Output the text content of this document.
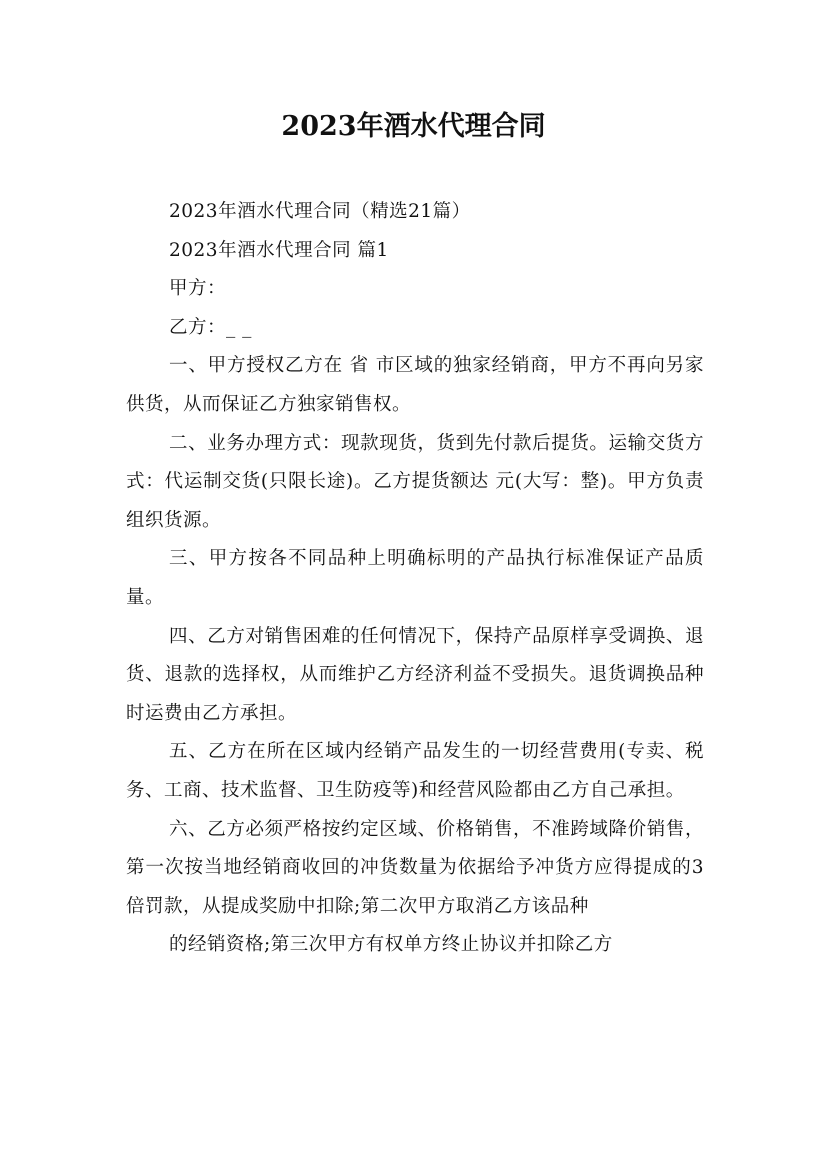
2023年酒水代理合同

2023年酒水代理合同（精选21篇）

2023年酒水代理合同 篇1

甲方：

乙方：_ _

一、甲方授权乙方在 省 市区域的独家经销商，甲方不再向另家供货，从而保证乙方独家销售权。

二、业务办理方式：现款现货，货到先付款后提货。运输交货方式：代运制交货(只限长途)。乙方提货额达 元(大写：整)。甲方负责组织货源。

三、甲方按各不同品种上明确标明的产品执行标准保证产品质量。

四、乙方对销售困难的任何情况下，保持产品原样享受调换、退货、退款的选择权，从而维护乙方经济利益不受损失。退货调换品种时运费由乙方承担。

五、乙方在所在区域内经销产品发生的一切经营费用(专卖、税务、工商、技术监督、卫生防疫等)和经营风险都由乙方自己承担。

六、乙方必须严格按约定区域、价格销售，不准跨域降价销售，第一次按当地经销商收回的冲货数量为依据给予冲货方应得提成的3倍罚款，从提成奖励中扣除;第二次甲方取消乙方该品种

的经销资格;第三次甲方有权单方终止协议并扣除乙方
